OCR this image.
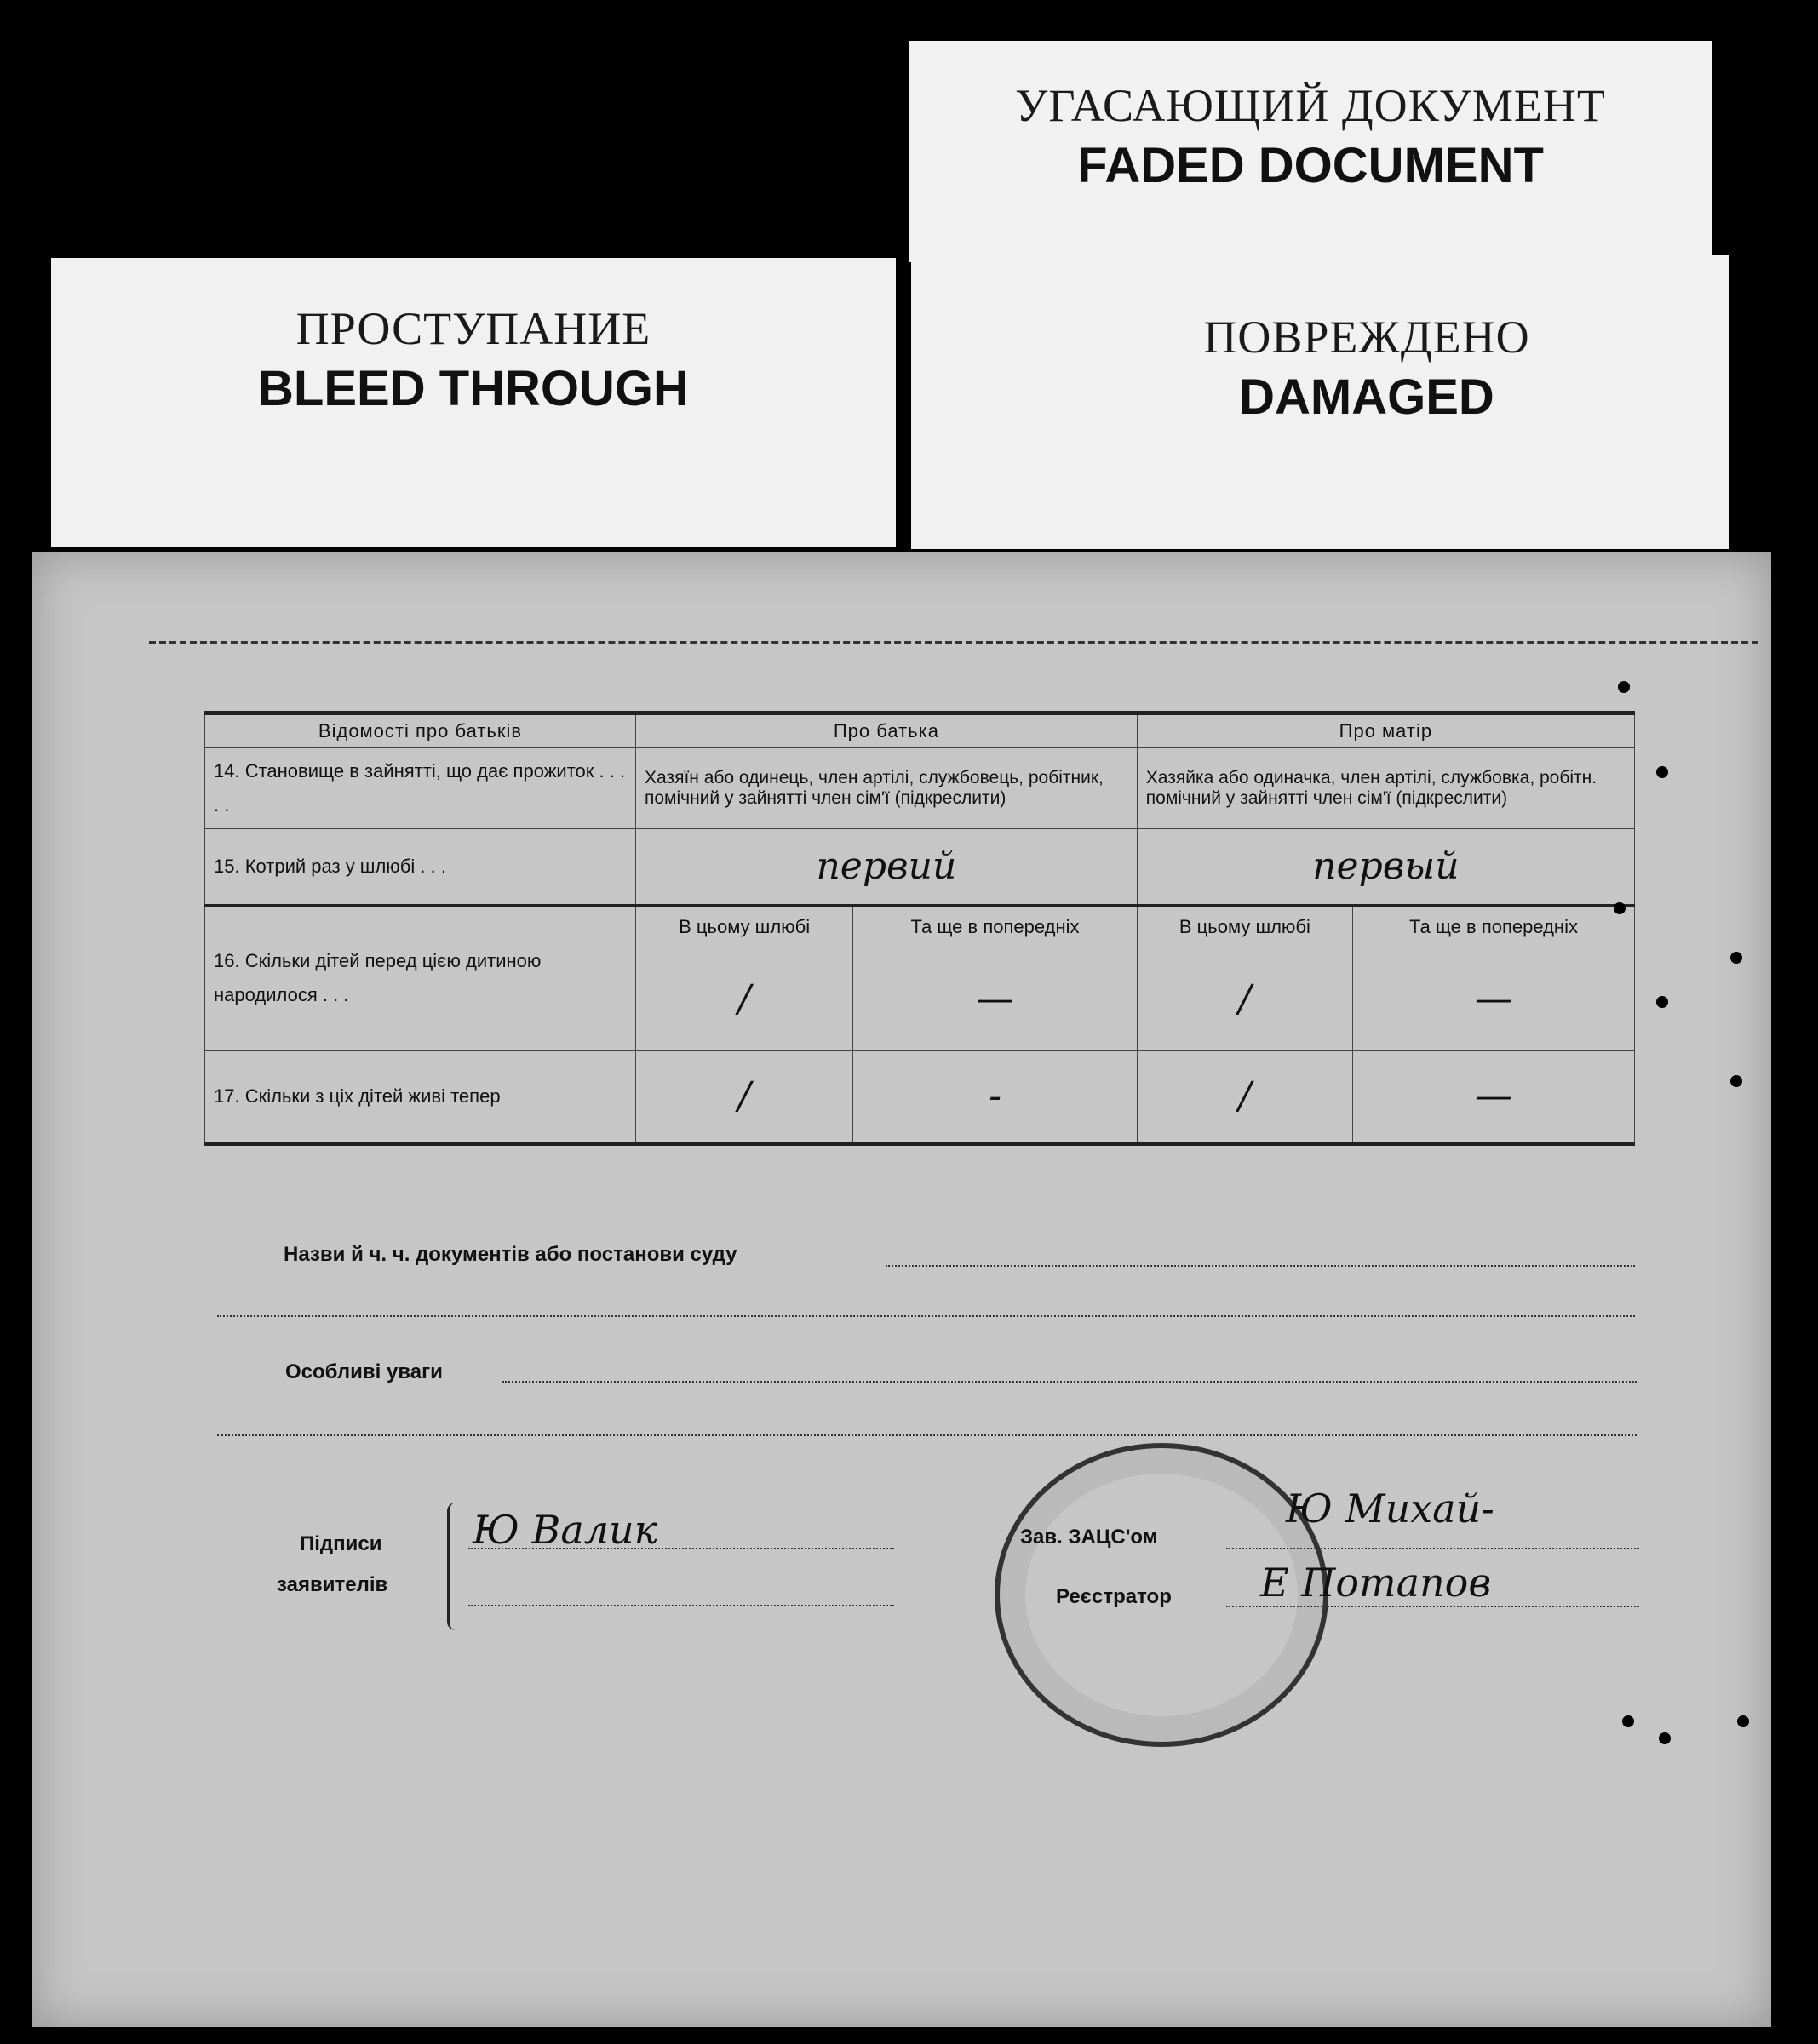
УГАСАЮЩИЙ ДОКУМЕНТ
FADED DOCUMENT
ПОВРЕЖДЕНО
DAMAGED
ПРОСТУПАНИЕ
BLEED THROUGH
Відомості про батьків	Про батька		Про матір	
14. Становище в зайнятті, що дає прожиток . . . . .	Хазяїн або одинець, член артілі, службовець, робітник, помічний у зайнятті член сім'ї (підкреслити)		Хазяйка або одиначка, член артілі, службовка, робітн. помічний у зайнятті член сім'ї (підкреслити)	
15. Котрий раз у шлюбі . . .	первий		первый	
16. Скільки дітей перед цією дитиною народилося . . .	В цьому шлюбі	Та ще в попередніх	В цьому шлюбі	Та ще в попередніх
	/	—	/	—
17. Скільки з ціх дітей живі тепер	/	-	/	—
Назви й ч. ч. документів або постанови суду
Особливі уваги
Підписи
заявителів
Ю Валик	Зав. ЗАЦС'ом
Ю Михай-
Реєстратор Е Потапов
